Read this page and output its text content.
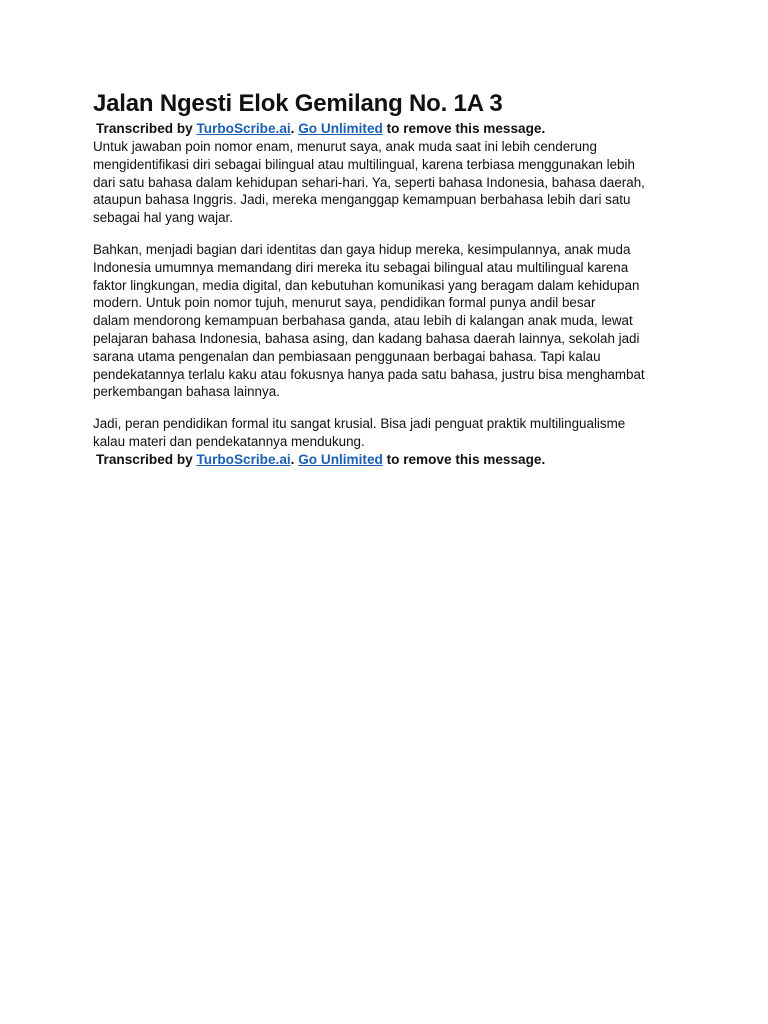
Jalan Ngesti Elok Gemilang No. 1A 3

Transcribed by TurboScribe.ai. Go Unlimited to remove this message.

Untuk jawaban poin nomor enam, menurut saya, anak muda saat ini lebih cenderung
mengidentifikasi diri sebagai bilingual atau multilingual, karena terbiasa menggunakan lebih
dari satu bahasa dalam kehidupan sehari-hari. Ya, seperti bahasa Indonesia, bahasa daerah,
ataupun bahasa Inggris. Jadi, mereka menganggap kemampuan berbahasa lebih dari satu
sebagai hal yang wajar.

Bahkan, menjadi bagian dari identitas dan gaya hidup mereka, kesimpulannya, anak muda
Indonesia umumnya memandang diri mereka itu sebagai bilingual atau multilingual karena
faktor lingkungan, media digital, dan kebutuhan komunikasi yang beragam dalam kehidupan
modern. Untuk poin nomor tujuh, menurut saya, pendidikan formal punya andil besar
dalam mendorong kemampuan berbahasa ganda, atau lebih di kalangan anak muda, lewat
pelajaran bahasa Indonesia, bahasa asing, dan kadang bahasa daerah lainnya, sekolah jadi
sarana utama pengenalan dan pembiasaan penggunaan berbagai bahasa. Tapi kalau
pendekatannya terlalu kaku atau fokusnya hanya pada satu bahasa, justru bisa menghambat
perkembangan bahasa lainnya.

Jadi, peran pendidikan formal itu sangat krusial. Bisa jadi penguat praktik multilingualisme
kalau materi dan pendekatannya mendukung.

Transcribed by TurboScribe.ai. Go Unlimited to remove this message.
